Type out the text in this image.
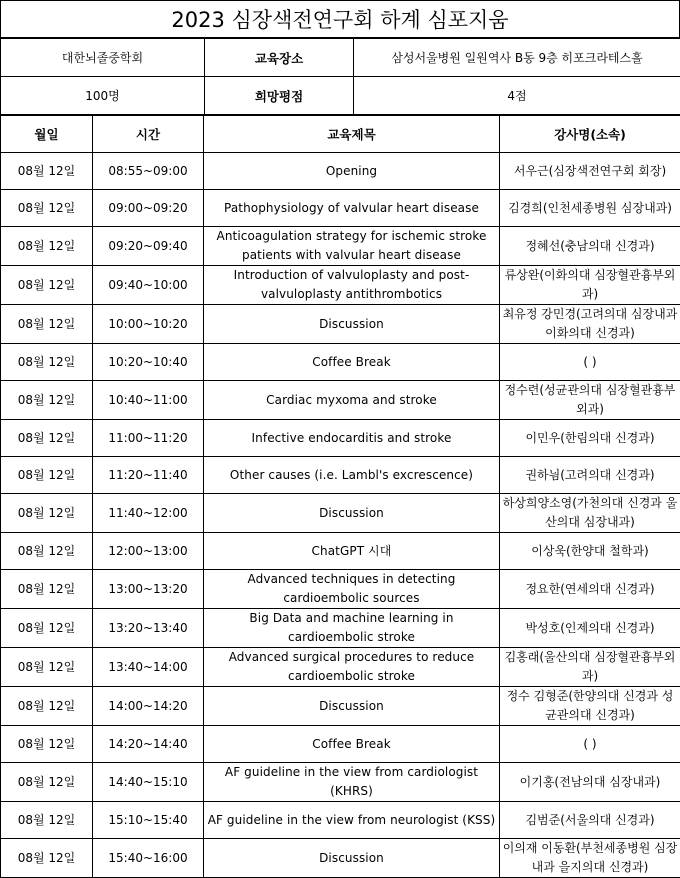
2023 심장색전연구회 하계 심포지움
대한뇌졸중학회	교육장소	삼성서울병원 일원역사 B동 9층 히포크라테스홀
100명	희망평점	4점
월일	시간	교육제목	강사명(소속)
08월 12일	08:55~09:00	Opening	서우근(심장색전연구회 회장)
08월 12일	09:00~09:20	Pathophysiology of valvular heart disease	김경희(인천세종병원 심장내과)
08월 12일	09:20~09:40	Anticoagulation strategy for ischemic stroke patients with valvular heart disease	정혜선(충남의대 신경과)
08월 12일	09:40~10:00	Introduction of valvuloplasty and post-valvuloplasty antithrombotics	류상완(이화의대 심장혈관흉부외과)
08월 12일	10:00~10:20	Discussion	최유정 강민경(고려의대 심장내과 이화의대 신경과)
08월 12일	10:20~10:40	Coffee Break	( )
08월 12일	10:40~11:00	Cardiac myxoma and stroke	정수련(성균관의대 심장혈관흉부외과)
08월 12일	11:00~11:20	Infective endocarditis and stroke	이민우(한림의대 신경과)
08월 12일	11:20~11:40	Other causes (i.e. Lambl's excrescence)	권하늼(고려의대 신경과)
08월 12일	11:40~12:00	Discussion	하상희양소영(가천의대 신경과 울산의대 심장내과)
08월 12일	12:00~13:00	ChatGPT 시대	이상욱(한양대 철학과)
08월 12일	13:00~13:20	Advanced techniques in detecting cardioembolic sources	정요한(연세의대 신경과)
08월 12일	13:20~13:40	Big Data and machine learning in cardioembolic stroke	박성호(인제의대 신경과)
08월 12일	13:40~14:00	Advanced surgical procedures to reduce cardioembolic stroke	김홍래(울산의대 심장혈관흉부외과)
08월 12일	14:00~14:20	Discussion	정수 김형준(한양의대 신경과 성균관의대 신경과)
08월 12일	14:20~14:40	Coffee Break	( )
08월 12일	14:40~15:10	AF guideline in the view from cardiologist (KHRS)	이기홍(전남의대 심장내과)
08월 12일	15:10~15:40	AF guideline in the view from neurologist (KSS)	김범준(서울의대 신경과)
08월 12일	15:40~16:00	Discussion	이의재 이동환(부천세종병원 심장내과 을지의대 신경과)
